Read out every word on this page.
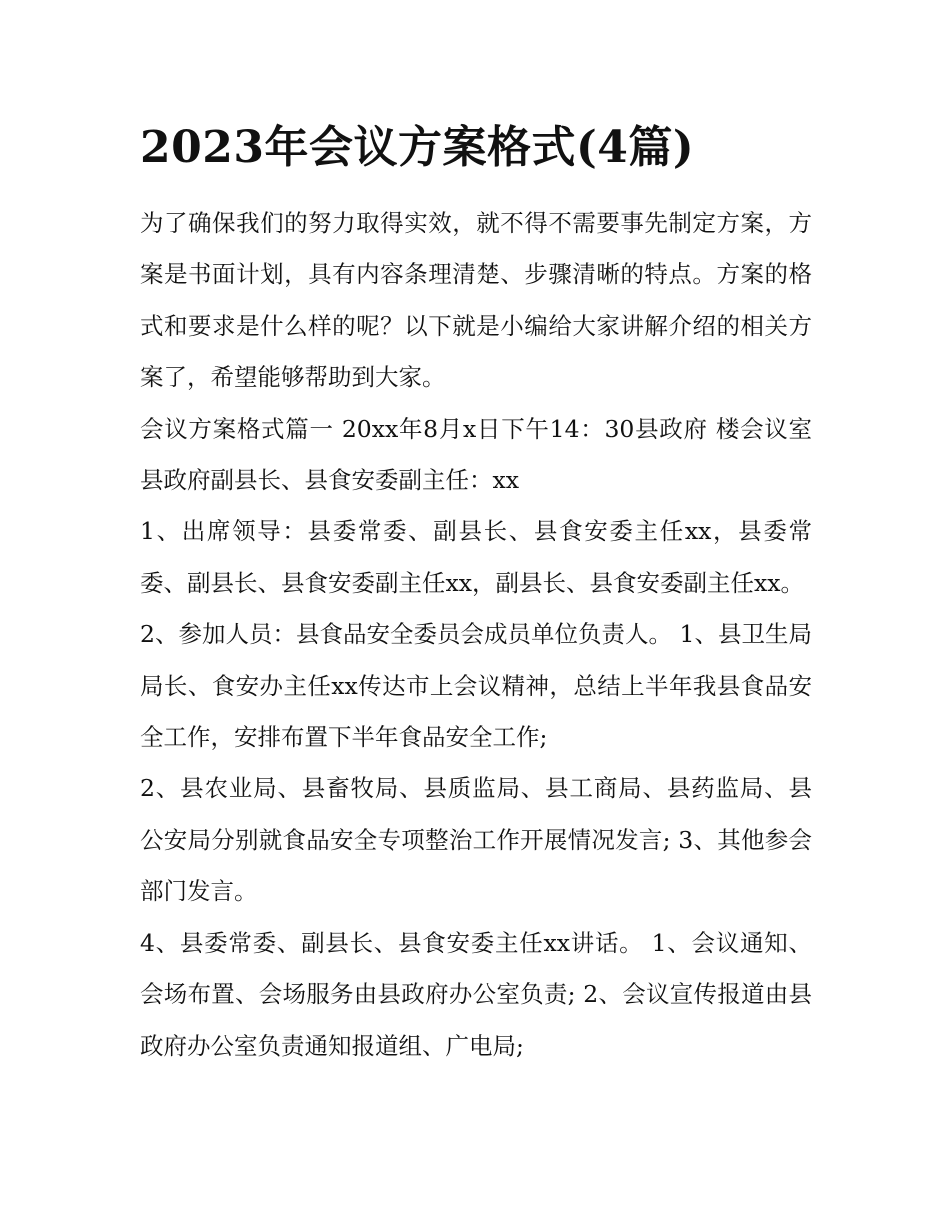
2023年会议方案格式(4篇)

为了确保我们的努力取得实效，就不得不需要事先制定方案，方案是书面计划，具有内容条理清楚、步骤清晰的特点。方案的格式和要求是什么样的呢？以下就是小编给大家讲解介绍的相关方案了，希望能够帮助到大家。

会议方案格式篇一 20xx年8月x日下午14：30县政府 楼会议室 县政府副县长、县食安委副主任：xx

1、出席领导：县委常委、副县长、县食安委主任xx，县委常委、副县长、县食安委副主任xx，副县长、县食安委副主任xx。

2、参加人员：县食品安全委员会成员单位负责人。 1、县卫生局局长、食安办主任xx传达市上会议精神，总结上半年我县食品安全工作，安排布置下半年食品安全工作;

2、县农业局、县畜牧局、县质监局、县工商局、县药监局、县公安局分别就食品安全专项整治工作开展情况发言; 3、其他参会部门发言。

4、县委常委、副县长、县食安委主任xx讲话。 1、会议通知、会场布置、会场服务由县政府办公室负责; 2、会议宣传报道由县政府办公室负责通知报道组、广电局;
